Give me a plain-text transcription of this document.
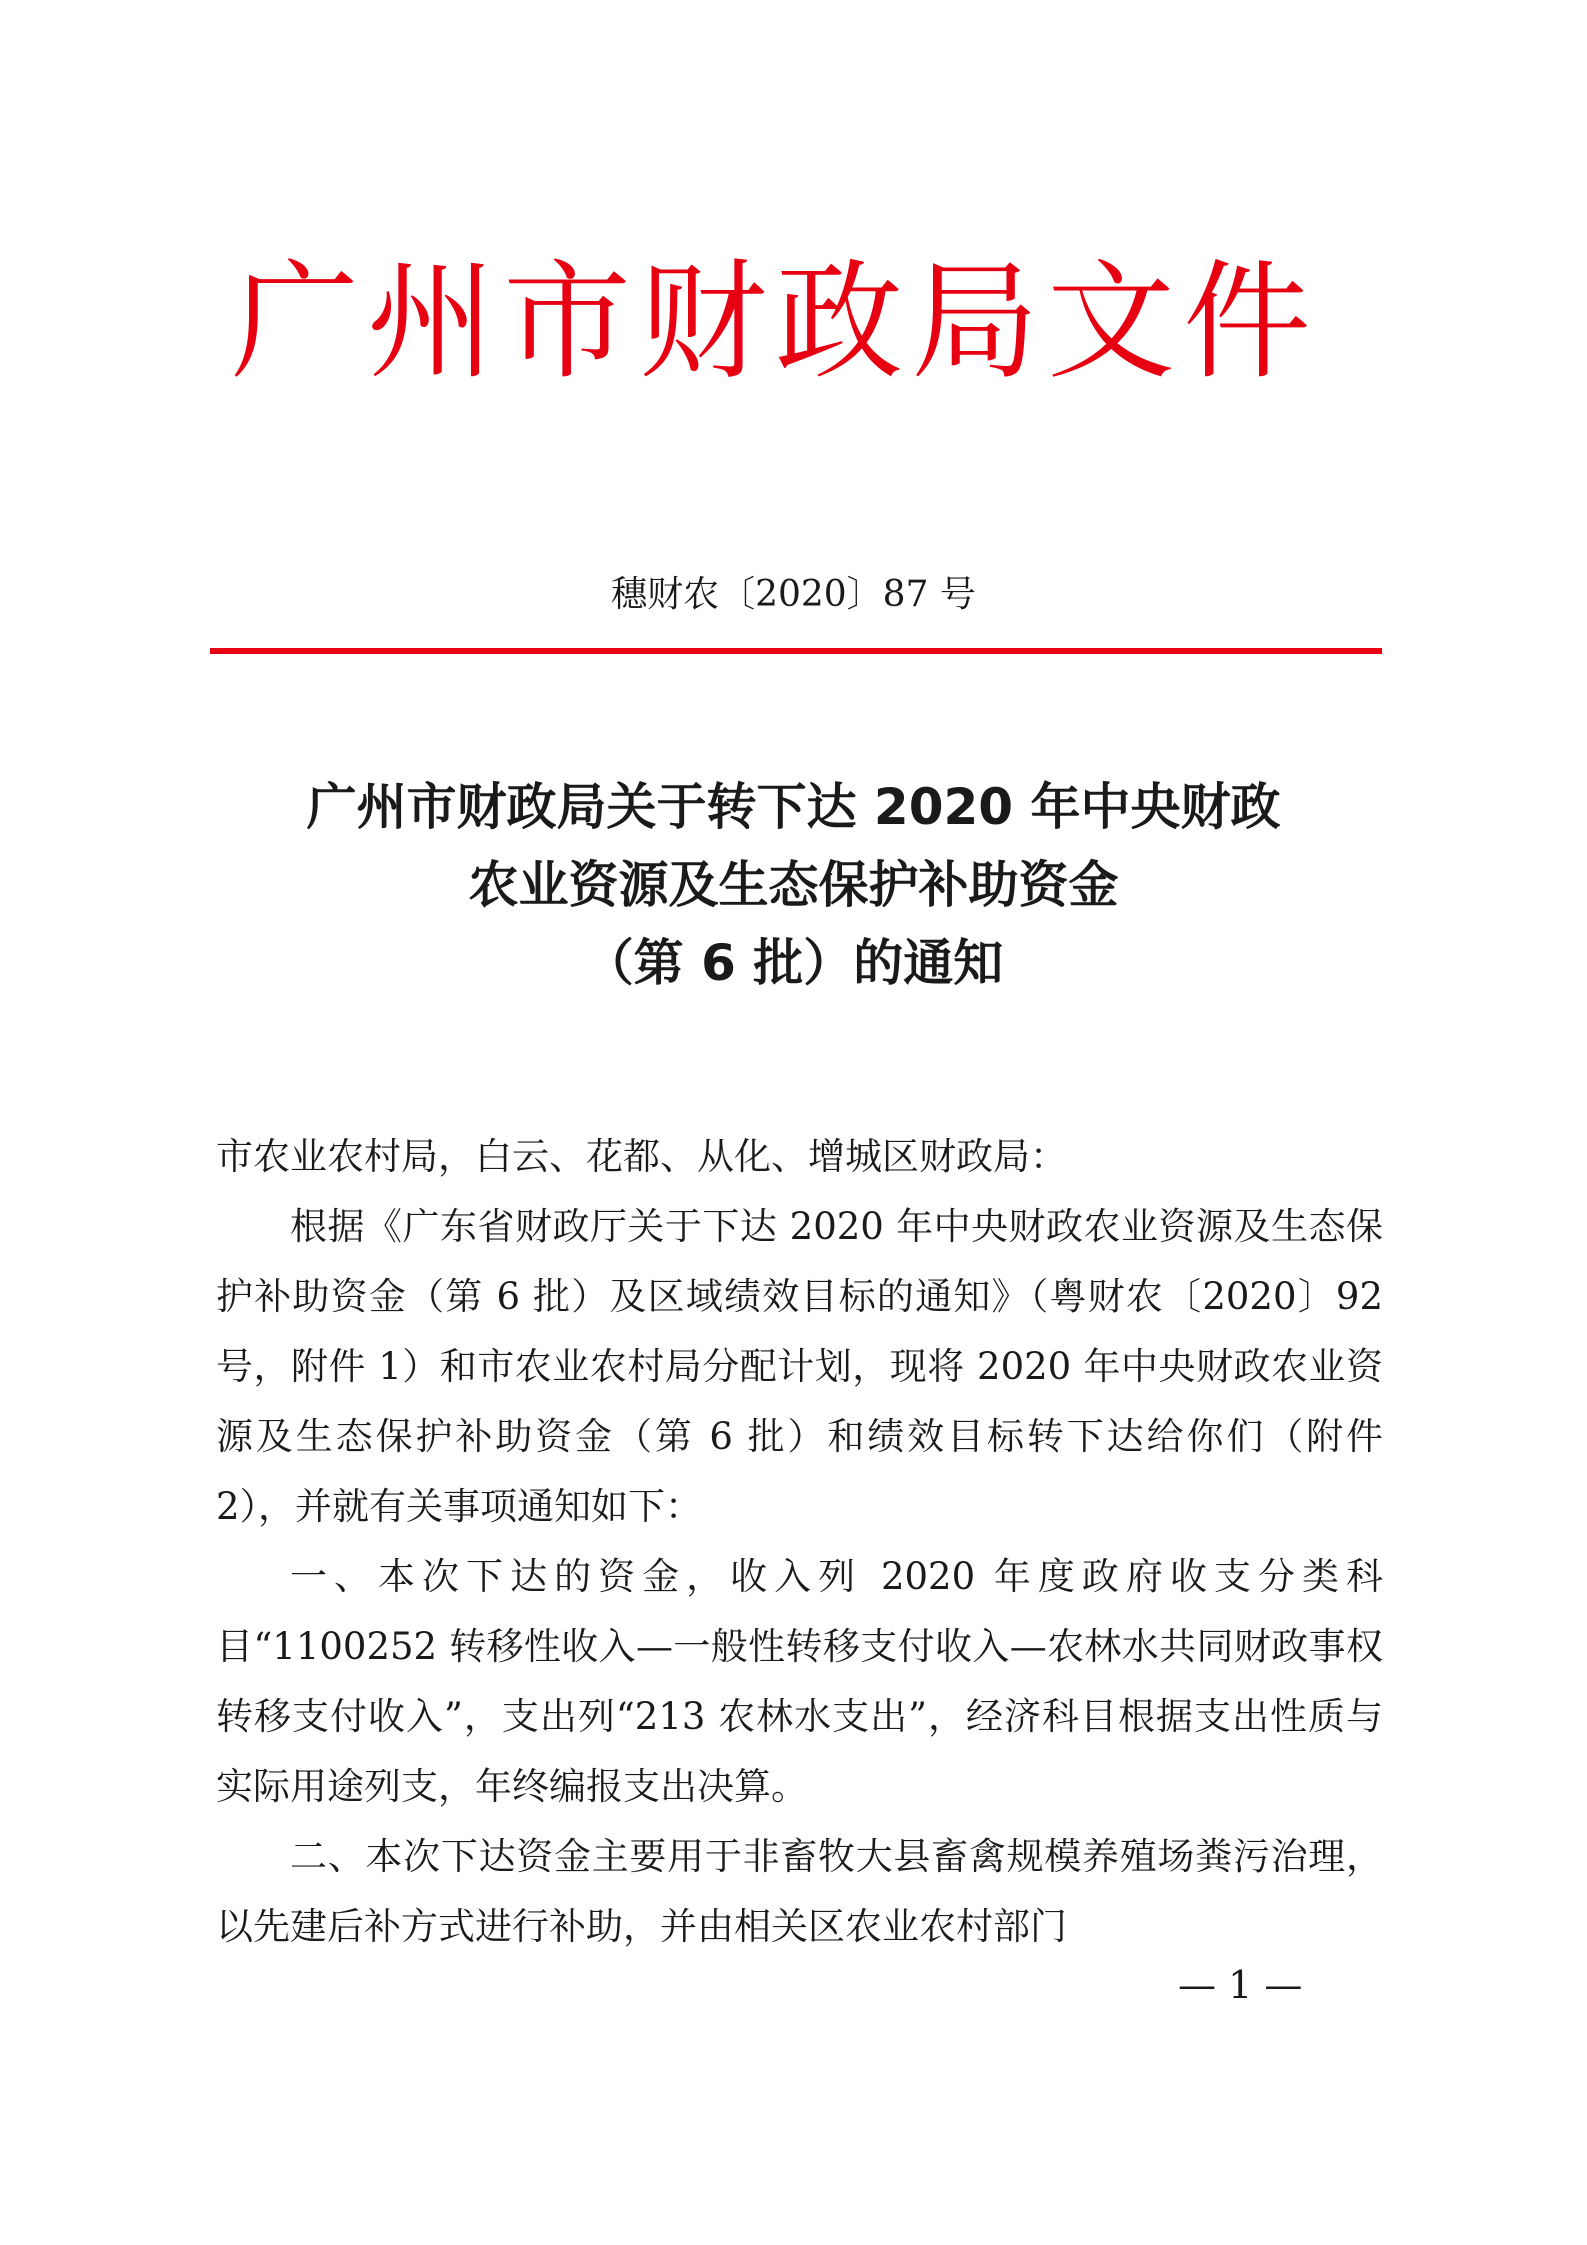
广州市财政局文件
穗财农〔2020〕87 号
广州市财政局关于转下达 2020 年中央财政
农业资源及生态保护补助资金
（第 6 批）的通知

市农业农村局，白云、花都、从化、增城区财政局：

根据《广东省财政厅关于下达 2020 年中央财政农业资源及生态保护补助资金（第 6 批）及区域绩效目标的通知》（粤财农〔2020〕92 号，附件 1）和市农业农村局分配计划，现将 2020 年中央财政农业资源及生态保护补助资金（第 6 批）和绩效目标转下达给你们（附件 2），并就有关事项通知如下：

一、本次下达的资金，收入列 2020 年度政府收支分类科目“1100252 转移性收入—一般性转移支付收入—农林水共同财政事权转移支付收入”，支出列“213 农林水支出”，经济科目根据支出性质与实际用途列支，年终编报支出决算。

二、本次下达资金主要用于非畜牧大县畜禽规模养殖场粪污治理，以先建后补方式进行补助，并由相关区农业农村部门

— 1 —
